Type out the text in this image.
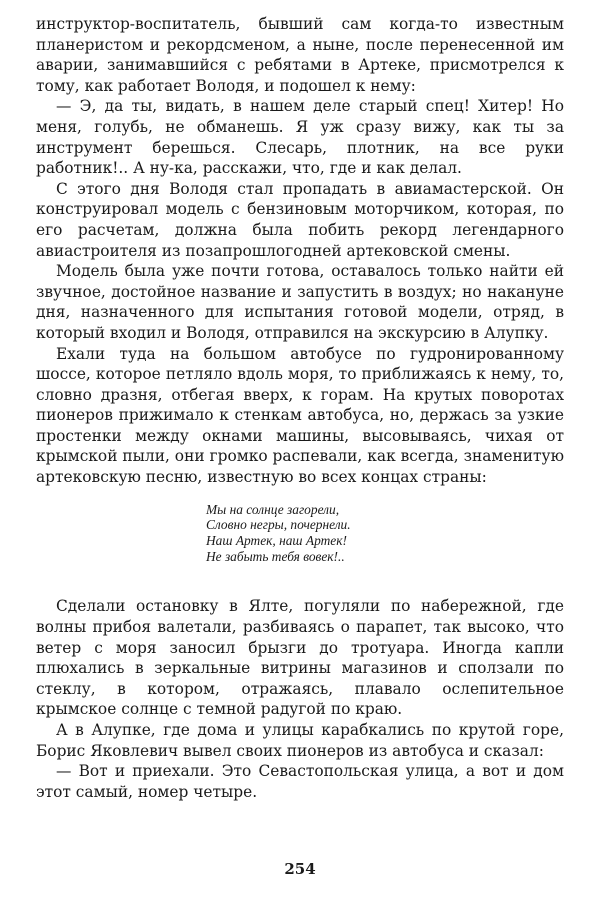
инструктор-воспитатель, бывший сам когда-то известным планеристом и рекордсменом, а ныне, после перенесенной им аварии, занимавшийся с ребятами в Артеке, присмотрелся к тому, как работает Володя, и подошел к нему:

— Э, да ты, видать, в нашем деле старый спец! Хитер! Но меня, голубь, не обманешь. Я уж сразу вижу, как ты за инструмент берешься. Слесарь, плотник, на все руки работник!.. А ну-ка, расскажи, что, где и как делал.

С этого дня Володя стал пропадать в авиамастерской. Он конструировал модель с бензиновым моторчиком, которая, по его расчетам, должна была побить рекорд легендарного авиастроителя из позапрошлогодней артековской смены.

Модель была уже почти готова, оставалось только найти ей звучное, достойное название и запустить в воздух; но накануне дня, назначенного для испытания готовой модели, отряд, в который входил и Володя, отправился на экскурсию в Алупку.

Ехали туда на большом автобусе по гудронированному шоссе, которое петляло вдоль моря, то приближаясь к нему, то, словно дразня, отбегая вверх, к горам. На крутых поворотах пионеров прижимало к стенкам автобуса, но, держась за узкие простенки между окнами машины, высовываясь, чихая от крымской пыли, они громко распевали, как всегда, знаменитую артековскую песню, известную во всех концах страны:

Мы на солнце загорели,
Словно негры, почернели.
Наш Артек, наш Артек!
Не забыть тебя вовек!..

Сделали остановку в Ялте, погуляли по набережной, где волны прибоя валетали, разбиваясь о парапет, так высоко, что ветер с моря заносил брызги до тротуара. Иногда капли плюхались в зеркальные витрины магазинов и сползали по стеклу, в котором, отражаясь, плавало ослепительное крымское солнце с темной радугой по краю.

А в Алупке, где дома и улицы карабкались по крутой горе, Борис Яковлевич вывел своих пионеров из автобуса и сказал:

— Вот и приехали. Это Севастопольская улица, а вот и дом этот самый, номер четыре.

254
